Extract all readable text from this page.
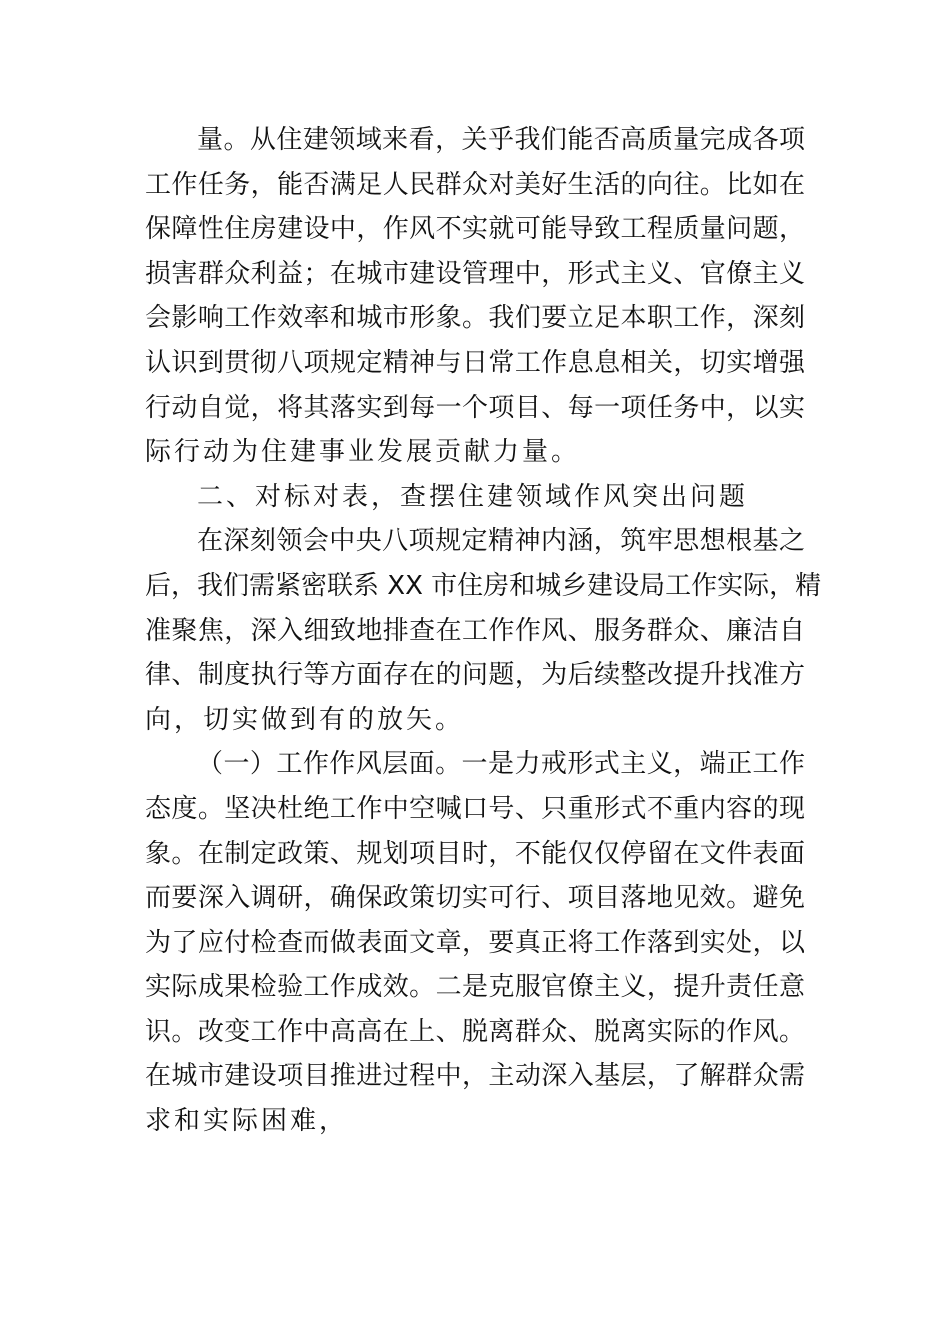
量。从住建领域来看，关乎我们能否高质量完成各项
工作任务，能否满足人民群众对美好生活的向往。比如在
保障性住房建设中，作风不实就可能导致工程质量问题，
损害群众利益；在城市建设管理中，形式主义、官僚主义
会影响工作效率和城市形象。我们要立足本职工作，深刻
认识到贯彻八项规定精神与日常工作息息相关，切实增强
行动自觉，将其落实到每一个项目、每一项任务中，以实
际行动为住建事业发展贡献力量。
二、对标对表，查摆住建领域作风突出问题
在深刻领会中央八项规定精神内涵，筑牢思想根基之
后，我们需紧密联系 XX 市住房和城乡建设局工作实际，精
准聚焦，深入细致地排查在工作作风、服务群众、廉洁自
律、制度执行等方面存在的问题，为后续整改提升找准方
向，切实做到有的放矢。
（一）工作作风层面。一是力戒形式主义，端正工作
态度。坚决杜绝工作中空喊口号、只重形式不重内容的现
象。在制定政策、规划项目时，不能仅仅停留在文件表面
而要深入调研，确保政策切实可行、项目落地见效。避免
为了应付检查而做表面文章，要真正将工作落到实处，以
实际成果检验工作成效。二是克服官僚主义，提升责任意
识。改变工作中高高在上、脱离群众、脱离实际的作风。
在城市建设项目推进过程中，主动深入基层，了解群众需
求和实际困难，
